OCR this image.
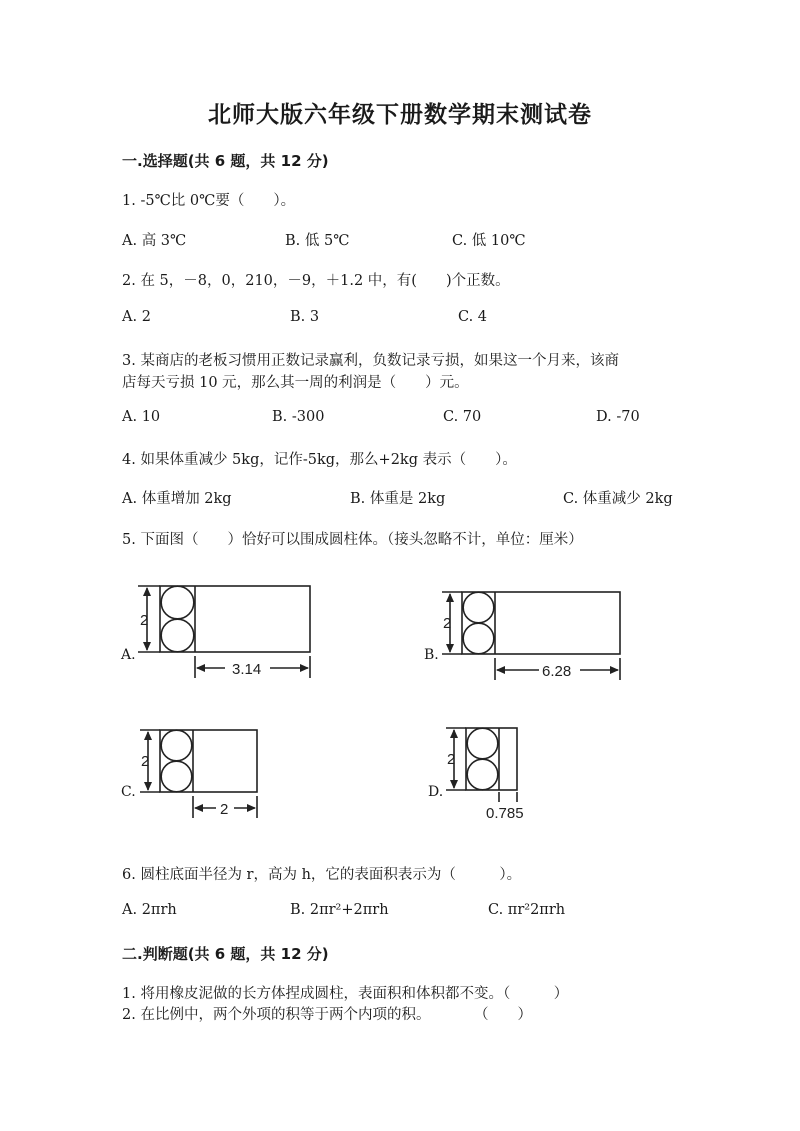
北师大版六年级下册数学期末测试卷
一.选择题(共 6 题，共 12 分)
1. -5℃比 0℃要（　　）。
A. 高 3℃	B. 低 5℃	C. 低 10℃
2. 在 5，－8，0，210，－9，＋1.2 中，有(　　)个正数。
A. 2	B. 3	C. 4
3. 某商店的老板习惯用正数记录赢利，负数记录亏损，如果这一个月来，该商
店每天亏损 10 元，那么其一周的利润是（　　）元。
A. 10	B. -300	C. 70	D. -70
4. 如果体重减少 5kg，记作-5kg，那么+2kg 表示（　　）。
A. 体重增加 2kg	B. 体重是 2kg	C. 体重减少 2kg
5. 下面图（　　）恰好可以围成圆柱体。（接头忽略不计，单位：厘米）
A.
2
3.14
B.
2
6.28
C.
2
2
D.
2
0.785
6. 圆柱底面半径为 r，高为 h，它的表面积表示为（　　　）。
A. 2πrh	B. 2πr²+2πrh	C. πr²2πrh
二.判断题(共 6 题，共 12 分)
1. 将用橡皮泥做的长方体捏成圆柱，表面积和体积都不变。（　　　）
2. 在比例中，两个外项的积等于两个内项的积。　　　　（　　）
